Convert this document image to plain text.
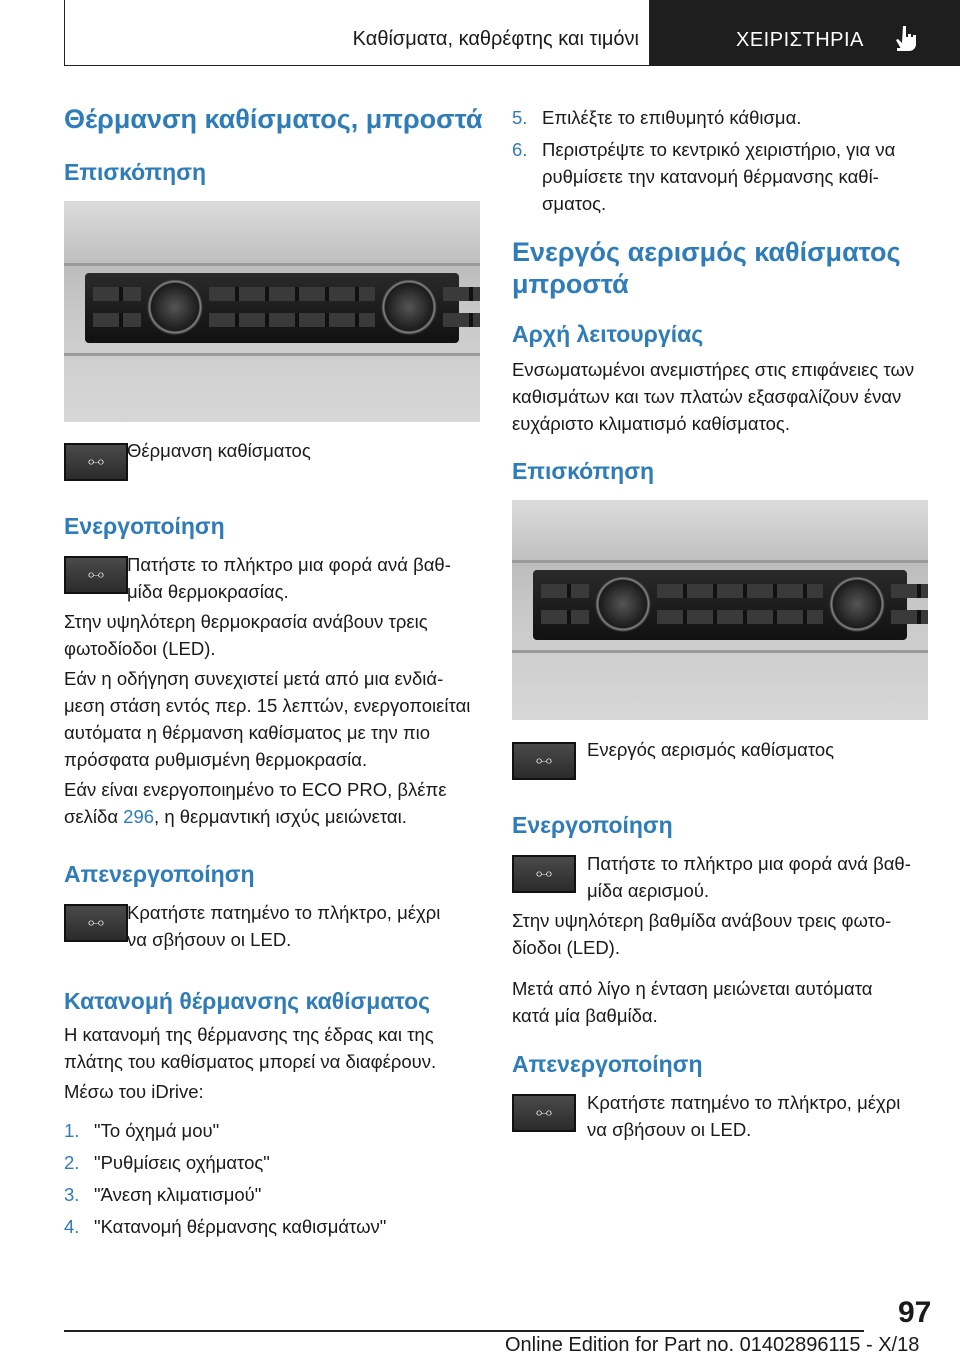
Καθίσματα, καθρέφτης και τιμόνι	ΧΕΙΡΙΣΤΗΡΙΑ
Θέρμανση καθίσματος, μπροστά
Επισκόπηση
⧟
Θέρμανση καθίσματος
Ενεργοποίηση
⧟ Πατήστε το πλήκτρο μια φορά ανά βαθ-
μίδα θερμοκρασίας.
Στην υψηλότερη θερμοκρασία ανάβουν τρεις
φωτοδίοδοι (LED).
Εάν η οδήγηση συνεχιστεί μετά από μια ενδιά-
μεση στάση εντός περ. 15 λεπτών, ενεργοποιείται
αυτόματα η θέρμανση καθίσματος με την πιο
πρόσφατα ρυθμισμένη θερμοκρασία.
Εάν είναι ενεργοποιημένο το ECO PRO, βλέπε
σελίδα 296, η θερμαντική ισχύς μειώνεται.
Απενεργοποίηση
⧟ Κρατήστε πατημένο το πλήκτρο, μέχρι
να σβήσουν οι LED.
Κατανομή θέρμανσης καθίσματος
Η κατανομή της θέρμανσης της έδρας και της
πλάτης του καθίσματος μπορεί να διαφέρουν.
Μέσω του iDrive:
1. "Το όχημά μου"
2. "Ρυθμίσεις οχήματος"
3. "Άνεση κλιματισμού"
4. "Κατανομή θέρμανσης καθισμάτων"
5. Επιλέξτε το επιθυμητό κάθισμα.
6. Περιστρέψτε το κεντρικό χειριστήριο, για να
ρυθμίσετε την κατανομή θέρμανσης καθί-
σματος.
Ενεργός αερισμός καθίσματος
μπροστά
Αρχή λειτουργίας
Ενσωματωμένοι ανεμιστήρες στις επιφάνειες των
καθισμάτων και των πλατών εξασφαλίζουν έναν
ευχάριστο κλιματισμό καθίσματος.
Επισκόπηση
⧟
Ενεργός αερισμός καθίσματος
Ενεργοποίηση
⧟ Πατήστε το πλήκτρο μια φορά ανά βαθ-
μίδα αερισμού.
Στην υψηλότερη βαθμίδα ανάβουν τρεις φωτο-
δίοδοι (LED).
Μετά από λίγο η ένταση μειώνεται αυτόματα
κατά μία βαθμίδα.
Απενεργοποίηση
⧟ Κρατήστε πατημένο το πλήκτρο, μέχρι
να σβήσουν οι LED.
97
Online Edition for Part no. 01402896115 - X/18
